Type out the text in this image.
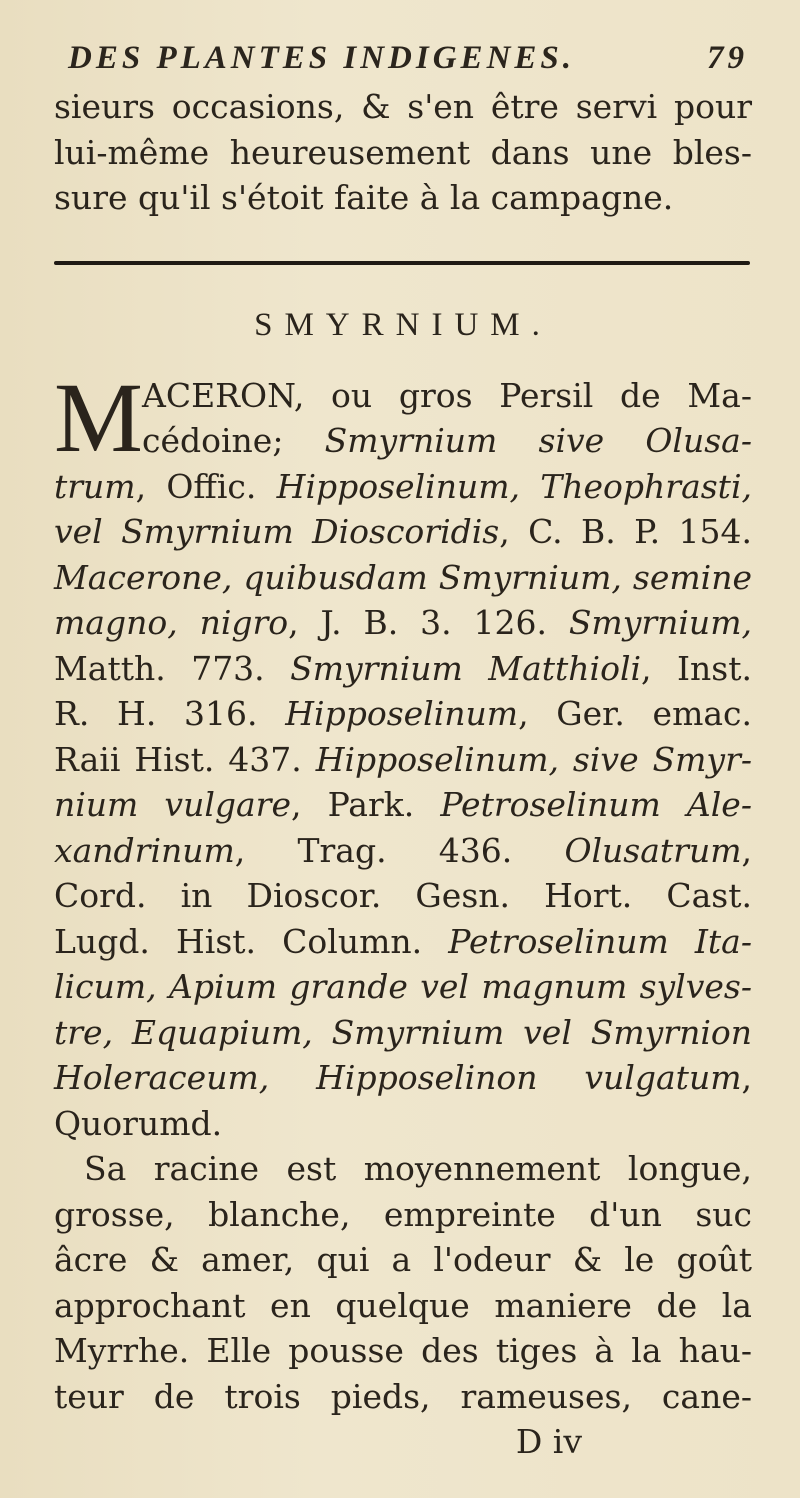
DES PLANTES INDIGENES.	79
sieurs occasions, & s'en être servi pour
lui-même heureusement dans une bles-
sure qu'il s'étoit faite à la campagne.
SMYRNIUM.
M ACERON, ou gros Persil de Ma-
cédoine; Smyrnium sive Olusa-
trum, Offic. Hipposelinum, Theophrasti,
vel Smyrnium Dioscoridis, C. B. P. 154.
Macerone, quibusdam Smyrnium, semine
magno, nigro, J. B. 3. 126. Smyrnium,
Matth. 773. Smyrnium Matthioli, Inst.
R. H. 316. Hipposelinum, Ger. emac.
Raii Hist. 437. Hipposelinum, sive Smyr-
nium vulgare, Park. Petroselinum Ale-
xandrinum, Trag. 436. Olusatrum,
Cord. in Dioscor. Gesn. Hort. Cast.
Lugd. Hist. Column. Petroselinum Ita-
licum, Apium grande vel magnum sylves-
tre, Equapium, Smyrnium vel Smyrnion
Holeraceum, Hipposelinon vulgatum,
Quorumd.
Sa racine est moyennement longue,
grosse, blanche, empreinte d'un suc
âcre & amer, qui a l'odeur & le goût
approchant en quelque maniere de la
Myrrhe. Elle pousse des tiges à la hau-
teur de trois pieds, rameuses, cane-
D iv
